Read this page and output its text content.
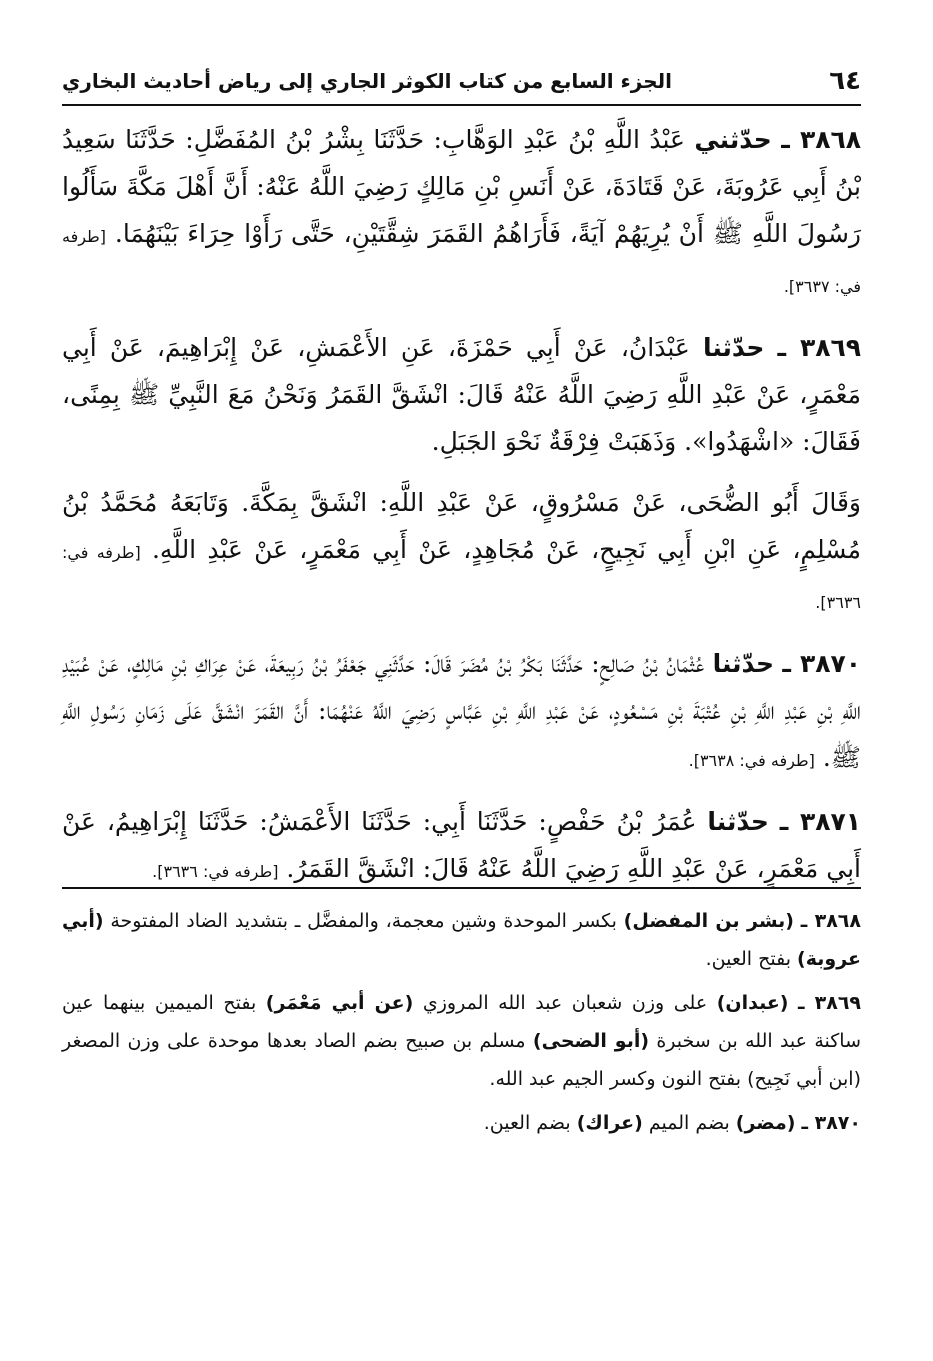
٦٤
الجزء السابع من كتاب الكوثر الجاري إلى رياض أحاديث البخاري

٣٨٦٨ ـ حدّثني عَبْدُ اللَّهِ بْنُ عَبْدِ الوَهَّابِ: حَدَّثَنَا بِشْرُ بْنُ المُفَضَّلِ: حَدَّثَنَا سَعِيدُ بْنُ أَبِي عَرُوبَةَ، عَنْ قَتَادَةَ، عَنْ أَنَسِ بْنِ مَالِكٍ رَضِيَ اللَّهُ عَنْهُ: أَنَّ أَهْلَ مَكَّةَ سَأَلُوا رَسُولَ اللَّهِ ﷺ أَنْ يُرِيَهُمْ آيَةً، فَأَرَاهُمُ القَمَرَ شِقَّتَيْنِ، حَتَّى رَأَوْا حِرَاءَ بَيْنَهُمَا. [طرفه في: ٣٦٣٧].

٣٨٦٩ ـ حدّثنا عَبْدَانُ، عَنْ أَبِي حَمْزَةَ، عَنِ الأَعْمَشِ، عَنْ إِبْرَاهِيمَ، عَنْ أَبِي مَعْمَرٍ، عَنْ عَبْدِ اللَّهِ رَضِيَ اللَّهُ عَنْهُ قَالَ: انْشَقَّ القَمَرُ وَنَحْنُ مَعَ النَّبِيِّ ﷺ بِمِنًى، فَقَالَ: «اشْهَدُوا». وَذَهَبَتْ فِرْقَةٌ نَحْوَ الجَبَلِ.

وَقَالَ أَبُو الضُّحَى، عَنْ مَسْرُوقٍ، عَنْ عَبْدِ اللَّهِ: انْشَقَّ بِمَكَّةَ. وَتَابَعَهُ مُحَمَّدُ بْنُ مُسْلِمٍ، عَنِ ابْنِ أَبِي نَجِيحٍ، عَنْ مُجَاهِدٍ، عَنْ أَبِي مَعْمَرٍ، عَنْ عَبْدِ اللَّهِ. [طرفه في: ٣٦٣٦].

٣٨٧٠ ـ حدّثنا عُثْمَانُ بْنُ صَالِحٍ: حَدَّثَنَا بَكْرُ بْنُ مُضَرَ قَالَ: حَدَّثَنِي جَعْفَرُ بْنُ رَبِيعَةَ، عَنْ عِرَاكِ بْنِ مَالِكٍ، عَنْ عُبَيْدِ اللَّهِ بْنِ عَبْدِ اللَّهِ بْنِ عُتْبَةَ بْنِ مَسْعُودٍ، عَنْ عَبْدِ اللَّهِ بْنِ عَبَّاسٍ رَضِيَ اللَّهُ عَنْهُمَا: أَنَّ القَمَرَ انْشَقَّ عَلَى زَمَانِ رَسُولِ اللَّهِ ﷺ. [طرفه في: ٣٦٣٨].

٣٨٧١ ـ حدّثنا عُمَرُ بْنُ حَفْصٍ: حَدَّثَنَا أَبِي: حَدَّثَنَا الأَعْمَشُ: حَدَّثَنَا إِبْرَاهِيمُ، عَنْ أَبِي مَعْمَرٍ، عَنْ عَبْدِ اللَّهِ رَضِيَ اللَّهُ عَنْهُ قَالَ: انْشَقَّ القَمَرُ. [طرفه في: ٣٦٣٦].

٣٨٦٨ ـ (بشر بن المفضل) بكسر الموحدة وشين معجمة، والمفضَّل ـ بتشديد الضاد المفتوحة (أبي عروبة) بفتح العين.

٣٨٦٩ ـ (عبدان) على وزن شعبان عبد الله المروزي (عن أبي مَعْمَر) بفتح الميمين بينهما عين ساكنة عبد الله بن سخبرة (أبو الضحى) مسلم بن صبيح بضم الصاد بعدها موحدة على وزن المصغر (ابن أبي نَجِيح) بفتح النون وكسر الجيم عبد الله.

٣٨٧٠ ـ (مضر) بضم الميم (عراك) بضم العين.
